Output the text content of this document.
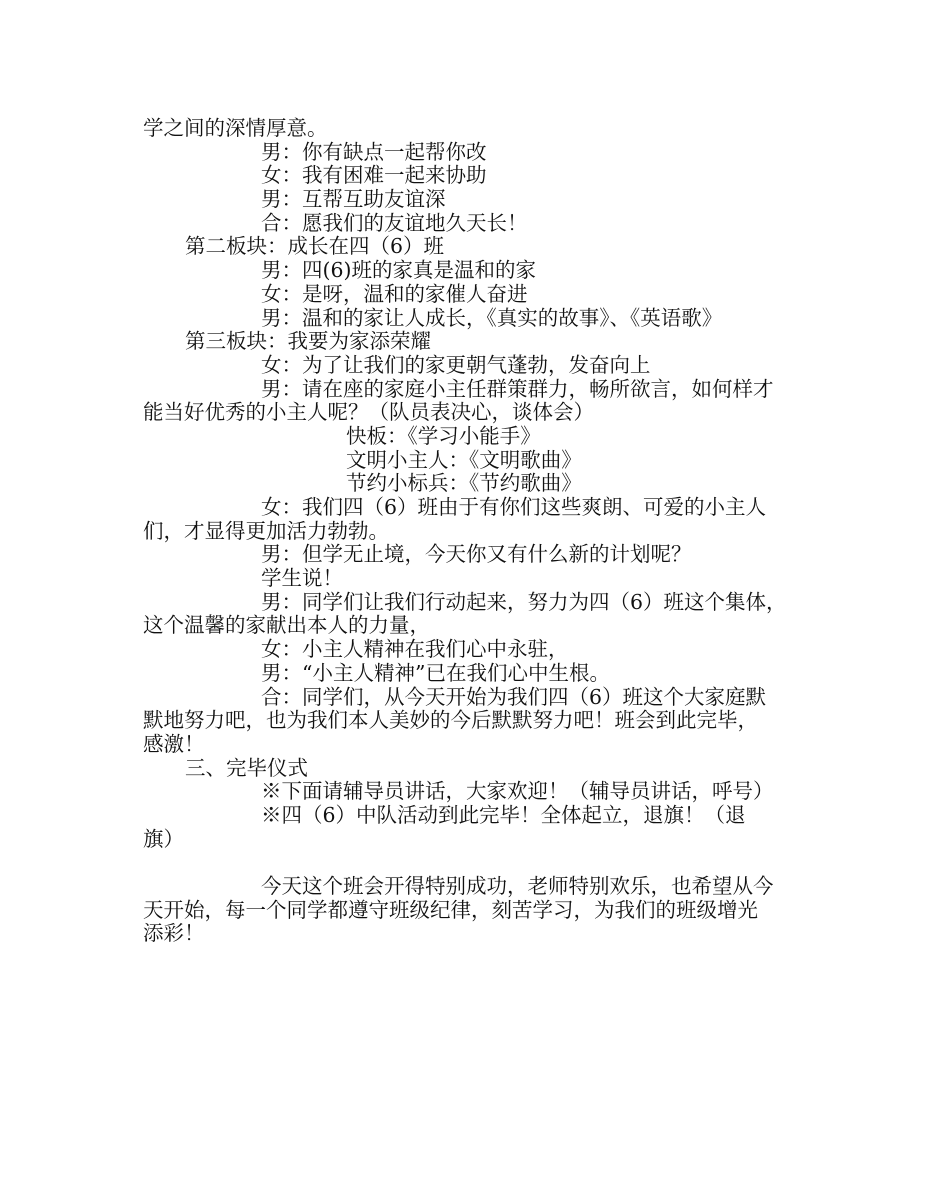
学之间的深情厚意。
男：你有缺点一起帮你改
女：我有困难一起来协助
男：互帮互助友谊深
合：愿我们的友谊地久天长！
第二板块：成长在四（6）班
男：四(6)班的家真是温和的家
女：是呀，温和的家催人奋进
男：温和的家让人成长，《真实的故事》、《英语歌》
第三板块：我要为家添荣耀
女：为了让我们的家更朝气蓬勃，发奋向上
男：请在座的家庭小主任群策群力，畅所欲言，如何样才
能当好优秀的小主人呢？（队员表决心，谈体会）
快板：《学习小能手》
文明小主人：《文明歌曲》
节约小标兵：《节约歌曲》
女：我们四（6）班由于有你们这些爽朗、可爱的小主人
们，才显得更加活力勃勃。
男：但学无止境，今天你又有什么新的计划呢？
学生说！
男：同学们让我们行动起来，努力为四（6）班这个集体，
这个温馨的家献出本人的力量，
女：小主人精神在我们心中永驻，
男：“小主人精神”已在我们心中生根。
合：同学们，从今天开始为我们四（6）班这个大家庭默
默地努力吧，也为我们本人美妙的今后默默努力吧！班会到此完毕，
感激！
三、完毕仪式
※下面请辅导员讲话，大家欢迎！（辅导员讲话，呼号）
※四（6）中队活动到此完毕！全体起立，退旗！（退
旗）
今天这个班会开得特别成功，老师特别欢乐，也希望从今
天开始，每一个同学都遵守班级纪律，刻苦学习，为我们的班级增光
添彩！
